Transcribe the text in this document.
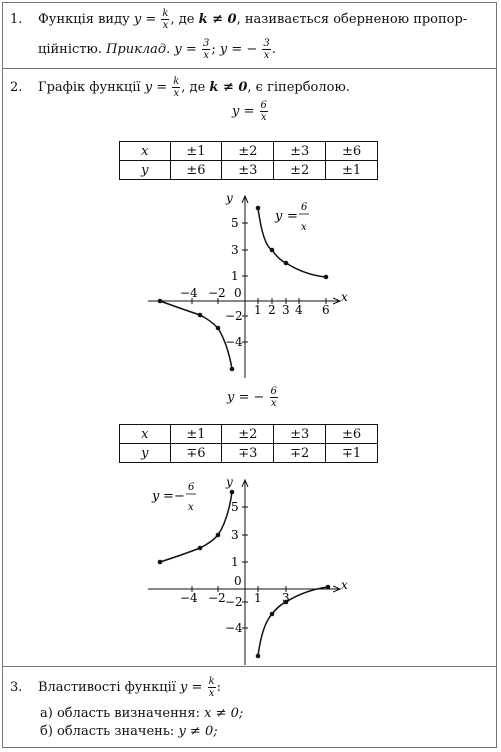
1. Функція виду $y = \frac{k}{x}$ , де k ≠ 0, називається оберненою пропор-
ційністю. Приклад. $y = \frac{3}{x}$ ; y = − $\frac{3}{x}$ .
2. Графік функції $y = \frac{k}{x}$ , де k ≠ 0, є гіперболою.
$y = \frac{6}{x}$
x	±1	±2	±3	±6
y	±6	±3	±2	±1
y
x
0
1 2 3 4 6
−2
−4
5
3
1
−2
−4
y =
6
x
y = − $\frac{6}{x}$
x	±1	±2	±3	±6
y	∓6	∓3	∓2	∓1
y
x
0
1 3
−2
−4
5
3
1
−2
−4
y = −
6
x
3. Властивості функції $y = \frac{k}{x}$ :
а) область визначення: x ≠ 0;
б) область значень: y ≠ 0;
